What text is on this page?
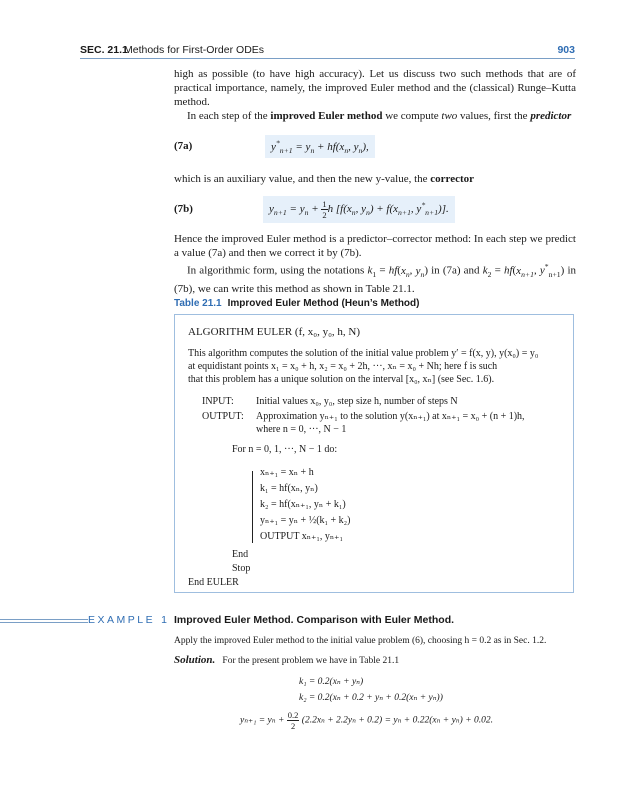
SEC. 21.1
Methods for First-Order ODEs	903
high as possible (to have high accuracy). Let us discuss two such methods that are of practical importance, namely, the improved Euler method and the (classical) Runge–Kutta method.
In each step of the improved Euler method we compute two values, first the predictor
(7a)	$y^*_{n+1} = y_n + hf(x_n$, $y_n$),
which is an auxiliary value, and then the new y-value, the corrector
(7b)	$y_{n+1} = y_n + \frac{1}{2}$ h [$f(x_n$, $y_n) + f(x_{n+1}$, $y^*_{n+1}$)].
Hence the improved Euler method is a predictor–corrector method: In each step we predict a value (7a) and then we correct it by (7b).
In algorithmic form, using the notations $k_1 = hf(x_n$, $y_n$) in (7a) and $k_2 = hf(x_{n+1}$, $y^*_{n+1}$) in (7b), we can write this method as shown in Table 21.1.
Table 21.1 Improved Euler Method (Heun’s Method)
ALGORITHM EULER (f, x₀, y₀, h, N)
This algorithm computes the solution of the initial value problem y′ = f(x, y), y(x₀) = y₀
at equidistant points x₁ = x₀ + h, x₂ = x₀ + 2h, ···, xₙ = x₀ + Nh; here f is such
that this problem has a unique solution on the interval [x₀, xₙ] (see Sec. 1.6).
INPUT: Initial values x₀, y₀, step size h, number of steps N
OUTPUT: Approximation yₙ₊₁ to the solution y(xₙ₊₁) at xₙ₊₁ = x₀ + (n + 1)h,
where n = 0, ···, N − 1
For n = 0, 1, ···, N − 1 do:
xₙ₊₁ = xₙ + h
k₁ = hf(xₙ, yₙ)
k₂ = hf(xₙ₊₁, yₙ + k₁)
yₙ₊₁ = yₙ + ½(k₁ + k₂)
OUTPUT xₙ₊₁, yₙ₊₁
End
Stop
End EULER
EXAMPLE 1 Improved Euler Method. Comparison with Euler Method.
Apply the improved Euler method to the initial value problem (6), choosing h = 0.2 as in Sec. 1.2.
Solution. For the present problem we have in Table 21.1
k₁ = 0.2(xₙ + yₙ)
k₂ = 0.2(xₙ + 0.2 + yₙ + 0.2(xₙ + yₙ))
$y_{n+1} = y_n + \frac{0.2}{2} (2.2x_n + 2.2y_n + 0.2) = y_n + 0.22(x_n + y_n) + 0.02$.
